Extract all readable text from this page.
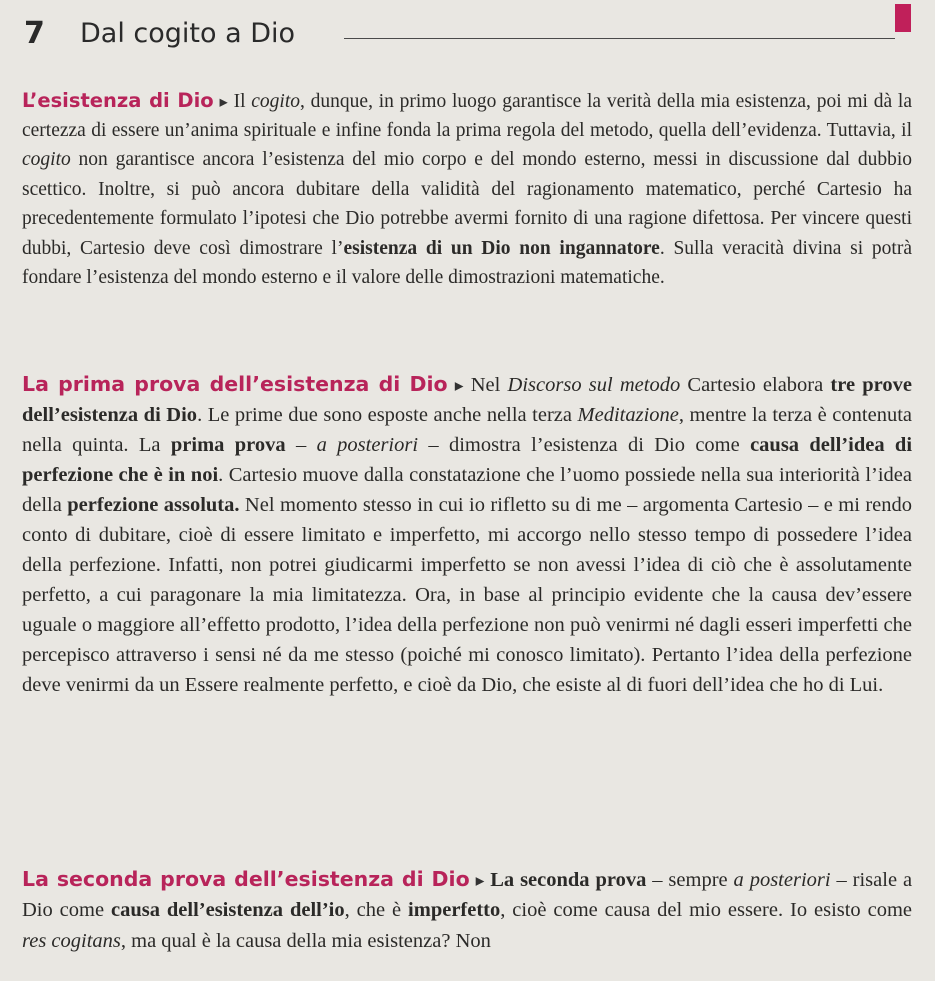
7 Dal cogito a Dio

L’esistenza di Dio ▸ Il cogito, dunque, in primo luogo garantisce la verità della mia esistenza, poi mi dà la certezza di essere un’anima spirituale e infine fonda la prima regola del metodo, quella dell’evidenza. Tuttavia, il cogito non garantisce ancora l’esistenza del mio corpo e del mondo esterno, messi in discussione dal dubbio scettico. Inoltre, si può ancora dubitare della validità del ragionamento matematico, perché Cartesio ha precedentemente formulato l’ipotesi che Dio potrebbe avermi fornito di una ragione difettosa. Per vincere questi dubbi, Cartesio deve così dimostrare l’esistenza di un Dio non ingannatore. Sulla veracità divina si potrà fondare l’esistenza del mondo esterno e il valore delle dimostrazioni matematiche.

La prima prova dell’esistenza di Dio ▸ Nel Discorso sul metodo Cartesio elabora tre prove dell’esistenza di Dio. Le prime due sono esposte anche nella terza Meditazione, mentre la terza è contenuta nella quinta. La prima prova – a posteriori – dimostra l’esistenza di Dio come causa dell’idea di perfezione che è in noi. Cartesio muove dalla constatazione che l’uomo possiede nella sua interiorità l’idea della perfezione assoluta. Nel momento stesso in cui io rifletto su di me – argomenta Cartesio – e mi rendo conto di dubitare, cioè di essere limitato e imperfetto, mi accorgo nello stesso tempo di possedere l’idea della perfezione. Infatti, non potrei giudicarmi imperfetto se non avessi l’idea di ciò che è assolutamente perfetto, a cui paragonare la mia limitatezza. Ora, in base al principio evidente che la causa dev’essere uguale o maggiore all’effetto prodotto, l’idea della perfezione non può venirmi né dagli esseri imperfetti che percepisco attraverso i sensi né da me stesso (poiché mi conosco limitato). Pertanto l’idea della perfezione deve venirmi da un Essere realmente perfetto, e cioè da Dio, che esiste al di fuori dell’idea che ho di Lui.

La seconda prova dell’esistenza di Dio ▸ La seconda prova – sempre a posteriori – risale a Dio come causa dell’esistenza dell’io, che è imperfetto, cioè come causa del mio essere. Io esisto come res cogitans, ma qual è la causa della mia esistenza? Non
